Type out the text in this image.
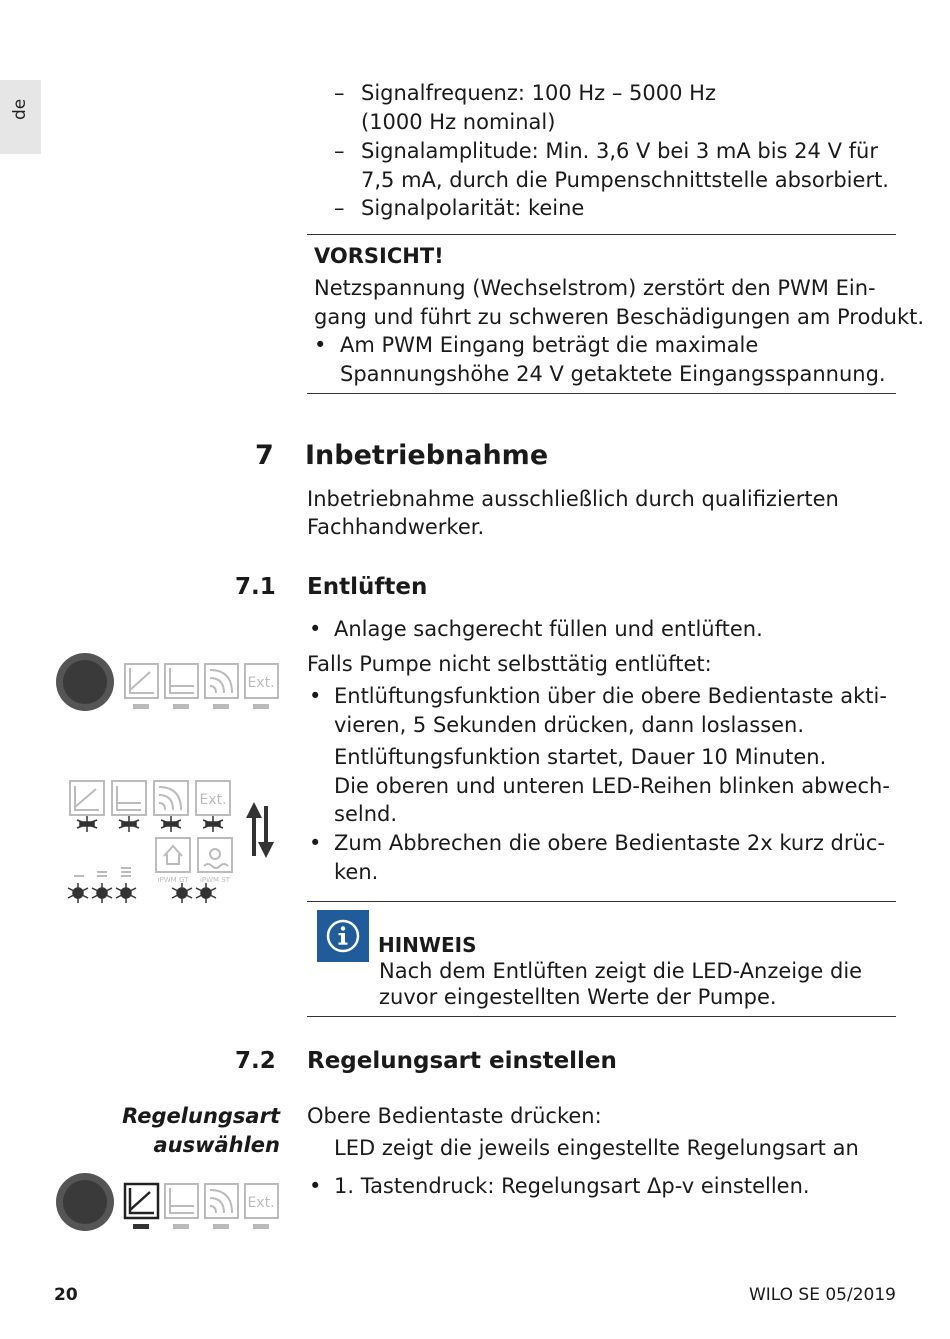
de
– Signalfrequenz: 100 Hz – 5000 Hz
(1000 Hz nominal)
– Signalamplitude: Min. 3,6 V bei 3 mA bis 24 V für
7,5 mA, durch die Pumpenschnittstelle absorbiert.
– Signalpolarität: keine
VORSICHT!
Netzspannung (Wechselstrom) zerstört den PWM Ein-
gang und führt zu schweren Beschädigungen am Produkt.
• Am PWM Eingang beträgt die maximale
Spannungshöhe 24 V getaktete Eingangsspannung.
7 Inbetriebnahme
Inbetriebnahme ausschließlich durch qualifizierten
Fachhandwerker.
7.1 Entlüften
• Anlage sachgerecht füllen und entlüften.
Falls Pumpe nicht selbsttätig entlüftet:
• Entlüftungsfunktion über die obere Bedientaste akti-
vieren, 5 Sekunden drücken, dann loslassen.
Entlüftungsfunktion startet, Dauer 10 Minuten.
Die oberen und unteren LED-Reihen blinken abwech-
selnd.
• Zum Abbrechen die obere Bedientaste 2x kurz drüc-
ken.
HINWEIS
Nach dem Entlüften zeigt die LED-Anzeige die
zuvor eingestellten Werte der Pumpe.
7.2 Regelungsart einstellen
Regelungsart
auswählen
Obere Bedientaste drücken:
LED zeigt die jeweils eingestellte Regelungsart an
• 1. Tastendruck: Regelungsart Δp-v einstellen.
Ext.
Ext.
iPWM GT iPWM ST
Ext.
20	WILO SE 05/2019
